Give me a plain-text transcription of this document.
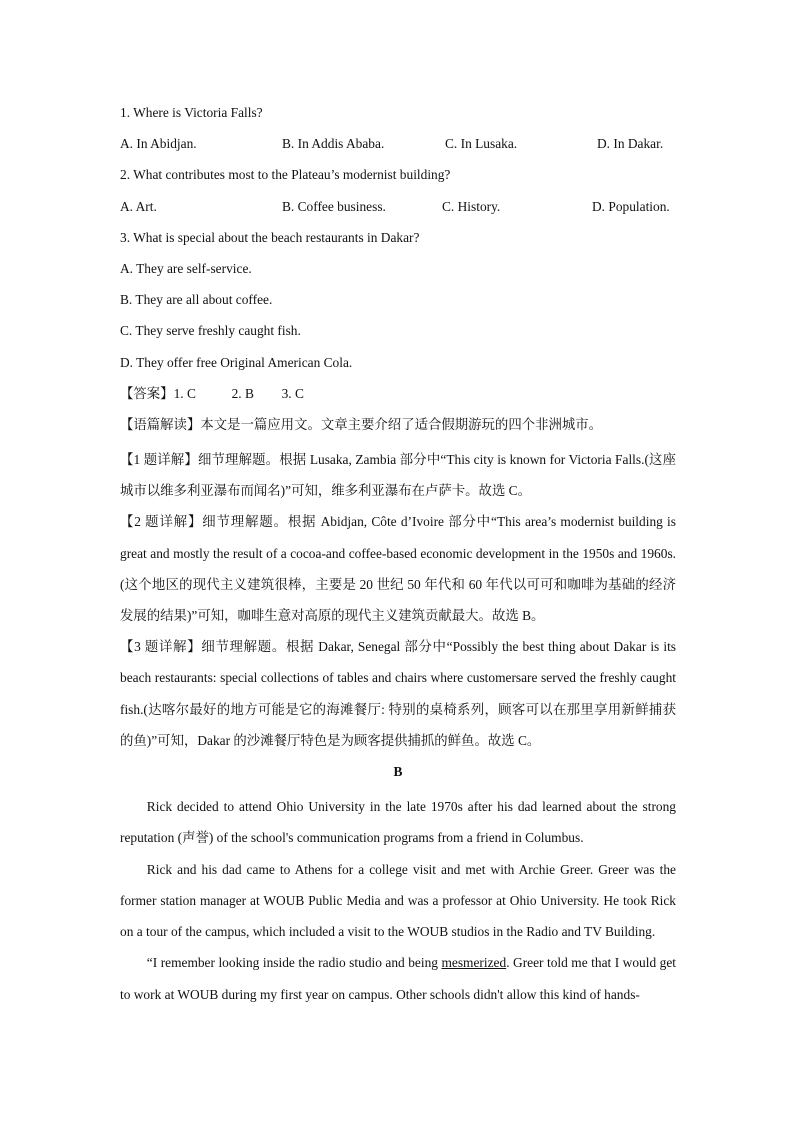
1. Where is Victoria Falls?
A. In Abidjan.	B. In Addis Ababa.	C. In Lusaka.	D. In Dakar.
2. What contributes most to the Plateau’s modernist building?
A. Art.	B. Coffee business.	C. History.	D. Population.
3. What is special about the beach restaurants in Dakar?
A. They are self-service.
B. They are all about coffee.
C. They serve freshly caught fish.
D. They offer free Original American Cola.
【答案】1. C	2. B 3. C
【语篇解读】本文是一篇应用文。文章主要介绍了适合假期游玩的四个非洲城市。
【1 题详解】细节理解题。根据 Lusaka, Zambia 部分中“This city is known for Victoria Falls.(这座城市以维多利亚瀑布而闻名)”可知，维多利亚瀑布在卢萨卡。故选 C。
【2 题详解】细节理解题。根据 Abidjan, Côte d’Ivoire 部分中“This area’s modernist building is great and mostly the result of a cocoa-and coffee-based economic development in the 1950s and 1960s.(这个地区的现代主义建筑很棒，主要是 20 世纪 50 年代和 60 年代以可可和咖啡为基础的经济发展的结果)”可知，咖啡生意对高原的现代主义建筑贡献最大。故选 B。
【3 题详解】细节理解题。根据 Dakar, Senegal 部分中“Possibly the best thing about Dakar is its beach restaurants: special collections of tables and chairs where customersare served the freshly caught fish.(达喀尔最好的地方可能是它的海滩餐厅: 特别的桌椅系列，顾客可以在那里享用新鲜捕获的鱼)”可知，Dakar 的沙滩餐厅特色是为顾客提供捕抓的鲜鱼。故选 C。
B
Rick decided to attend Ohio University in the late 1970s after his dad learned about the strong reputation (声誉) of the school's communication programs from a friend in Columbus.
Rick and his dad came to Athens for a college visit and met with Archie Greer. Greer was the former station manager at WOUB Public Media and was a professor at Ohio University. He took Rick on a tour of the campus, which included a visit to the WOUB studios in the Radio and TV Building.
“I remember looking inside the radio studio and being mesmerized. Greer told me that I would get to work at WOUB during my first year on campus. Other schools didn't allow this kind of hands-
